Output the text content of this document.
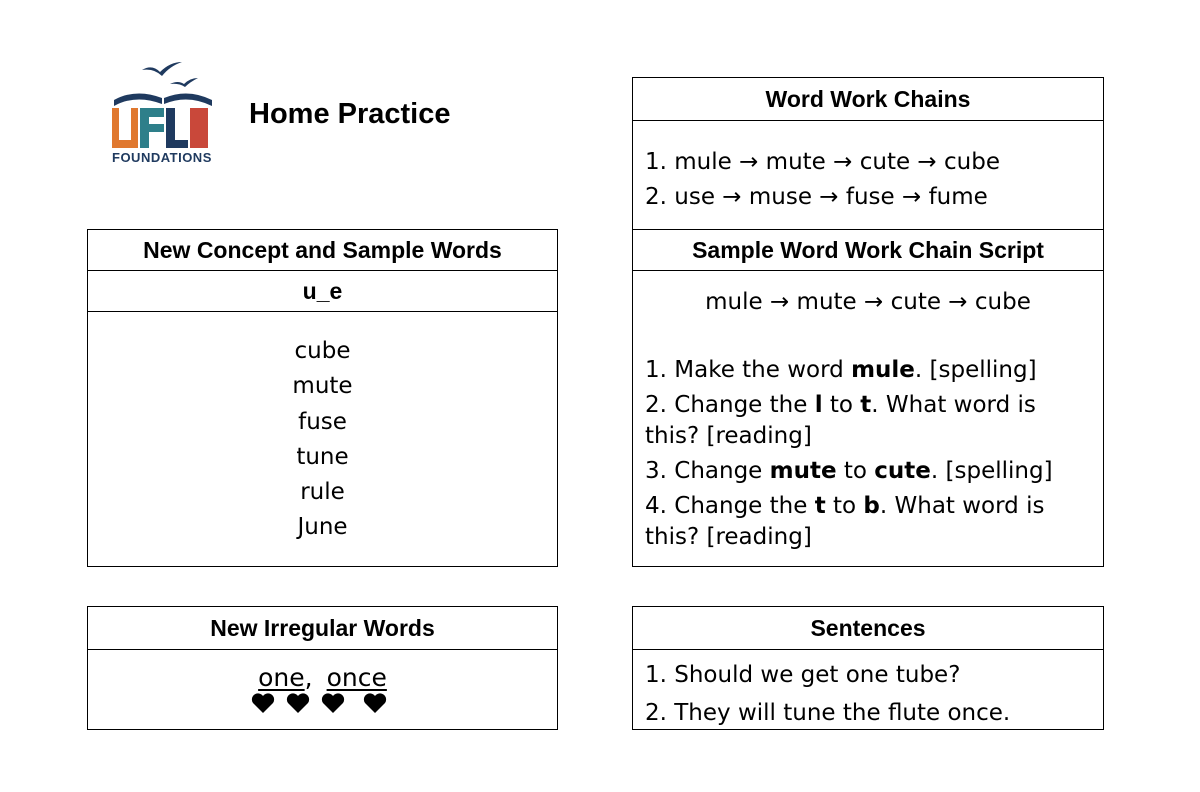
FOUNDATIONS
Home Practice
New Concept and Sample Words
u_e
cube
mute
fuse
tune
rule
June
New Irregular Words
one, once
Word Work Chains
1. mule → mute → cute → cube
2. use → muse → fuse → fume
Sample Word Work Chain Script
mule → mute → cute → cube
1. Make the word mule. [spelling]
2. Change the l to t. What word is this? [reading]
3. Change mute to cute. [spelling]
4. Change the t to b. What word is this? [reading]
Sentences
1. Should we get one tube?
2. They will tune the flute once.
